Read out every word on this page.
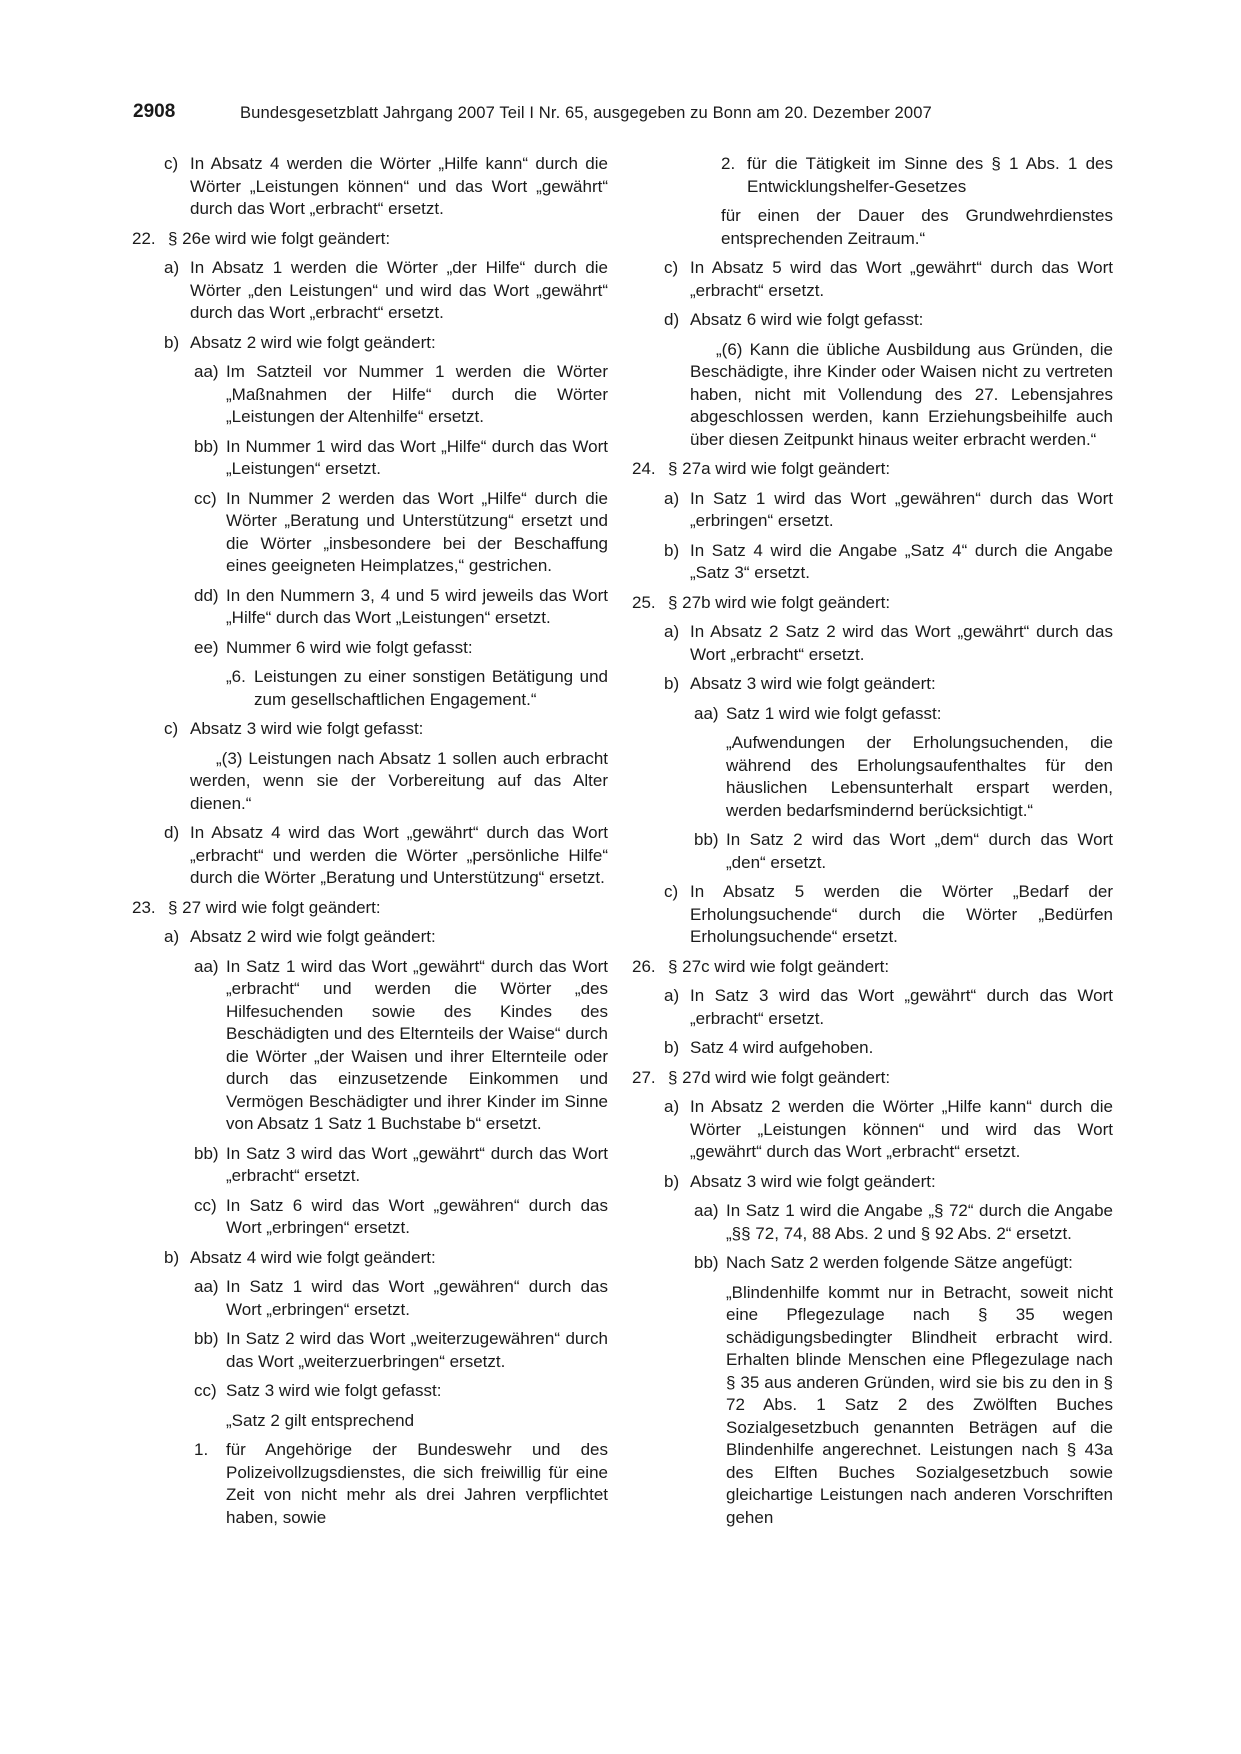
2908	Bundesgesetzblatt Jahrgang 2007 Teil I Nr. 65, ausgegeben zu Bonn am 20. Dezember 2007
c) In Absatz 4 werden die Wörter „Hilfe kann“ durch die Wörter „Leistungen können“ und das Wort „gewährt“ durch das Wort „erbracht“ ersetzt.
22. § 26e wird wie folgt geändert:
a) In Absatz 1 werden die Wörter „der Hilfe“ durch die Wörter „den Leistungen“ und wird das Wort „gewährt“ durch das Wort „erbracht“ ersetzt.
b) Absatz 2 wird wie folgt geändert:
aa) Im Satzteil vor Nummer 1 werden die Wörter „Maßnahmen der Hilfe“ durch die Wörter „Leistungen der Altenhilfe“ ersetzt.
bb) In Nummer 1 wird das Wort „Hilfe“ durch das Wort „Leistungen“ ersetzt.
cc) In Nummer 2 werden das Wort „Hilfe“ durch die Wörter „Beratung und Unterstützung“ ersetzt und die Wörter „insbesondere bei der Beschaffung eines geeigneten Heimplatzes,“ gestrichen.
dd) In den Nummern 3, 4 und 5 wird jeweils das Wort „Hilfe“ durch das Wort „Leistungen“ ersetzt.
ee) Nummer 6 wird wie folgt gefasst:
„6. Leistungen zu einer sonstigen Betätigung und zum gesellschaftlichen Engagement.“
c) Absatz 3 wird wie folgt gefasst:
„(3) Leistungen nach Absatz 1 sollen auch erbracht werden, wenn sie der Vorbereitung auf das Alter dienen.“
d) In Absatz 4 wird das Wort „gewährt“ durch das Wort „erbracht“ und werden die Wörter „persönliche Hilfe“ durch die Wörter „Beratung und Unterstützung“ ersetzt.
23. § 27 wird wie folgt geändert:
a) Absatz 2 wird wie folgt geändert:
aa) In Satz 1 wird das Wort „gewährt“ durch das Wort „erbracht“ und werden die Wörter „des Hilfesuchenden sowie des Kindes des Beschädigten und des Elternteils der Waise“ durch die Wörter „der Waisen und ihrer Elternteile oder durch das einzusetzende Einkommen und Vermögen Beschädigter und ihrer Kinder im Sinne von Absatz 1 Satz 1 Buchstabe b“ ersetzt.
bb) In Satz 3 wird das Wort „gewährt“ durch das Wort „erbracht“ ersetzt.
cc) In Satz 6 wird das Wort „gewähren“ durch das Wort „erbringen“ ersetzt.
b) Absatz 4 wird wie folgt geändert:
aa) In Satz 1 wird das Wort „gewähren“ durch das Wort „erbringen“ ersetzt.
bb) In Satz 2 wird das Wort „weiterzugewähren“ durch das Wort „weiterzuerbringen“ ersetzt.
cc) Satz 3 wird wie folgt gefasst:
„Satz 2 gilt entsprechend
1.	für Angehörige der Bundeswehr und des Polizeivollzugsdienstes, die sich freiwillig für eine Zeit von nicht mehr als drei Jahren verpflichtet haben, sowie
2. für die Tätigkeit im Sinne des § 1 Abs. 1 des Entwicklungshelfer-Gesetzes
für einen der Dauer des Grundwehrdienstes entsprechenden Zeitraum.“
c) In Absatz 5 wird das Wort „gewährt“ durch das Wort „erbracht“ ersetzt.
d) Absatz 6 wird wie folgt gefasst:
„(6) Kann die übliche Ausbildung aus Gründen, die Beschädigte, ihre Kinder oder Waisen nicht zu vertreten haben, nicht mit Vollendung des 27. Lebensjahres abgeschlossen werden, kann Erziehungsbeihilfe auch über diesen Zeitpunkt hinaus weiter erbracht werden.“
24. § 27a wird wie folgt geändert:
a) In Satz 1 wird das Wort „gewähren“ durch das Wort „erbringen“ ersetzt.
b) In Satz 4 wird die Angabe „Satz 4“ durch die Angabe „Satz 3“ ersetzt.
25. § 27b wird wie folgt geändert:
a) In Absatz 2 Satz 2 wird das Wort „gewährt“ durch das Wort „erbracht“ ersetzt.
b) Absatz 3 wird wie folgt geändert:
aa) Satz 1 wird wie folgt gefasst:
„Aufwendungen der Erholungsuchenden, die während des Erholungsaufenthaltes für den häuslichen Lebensunterhalt erspart werden, werden bedarfsmindernd berücksichtigt.“
bb) In Satz 2 wird das Wort „dem“ durch das Wort „den“ ersetzt.
c) In Absatz 5 werden die Wörter „Bedarf der Erholungsuchende“ durch die Wörter „Bedürfen Erholungsuchende“ ersetzt.
26. § 27c wird wie folgt geändert:
a) In Satz 3 wird das Wort „gewährt“ durch das Wort „erbracht“ ersetzt.
b) Satz 4 wird aufgehoben.
27. § 27d wird wie folgt geändert:
a) In Absatz 2 werden die Wörter „Hilfe kann“ durch die Wörter „Leistungen können“ und wird das Wort „gewährt“ durch das Wort „erbracht“ ersetzt.
b) Absatz 3 wird wie folgt geändert:
aa) In Satz 1 wird die Angabe „§ 72“ durch die Angabe „§§ 72, 74, 88 Abs. 2 und § 92 Abs. 2“ ersetzt.
bb) Nach Satz 2 werden folgende Sätze angefügt:
„Blindenhilfe kommt nur in Betracht, soweit nicht eine Pflegezulage nach § 35 wegen schädigungsbedingter Blindheit erbracht wird. Erhalten blinde Menschen eine Pflegezulage nach § 35 aus anderen Gründen, wird sie bis zu den in § 72 Abs. 1 Satz 2 des Zwölften Buches Sozialgesetzbuch genannten Beträgen auf die Blindenhilfe angerechnet. Leistungen nach § 43a des Elften Buches Sozialgesetzbuch sowie gleichartige Leistungen nach anderen Vorschriften gehen
